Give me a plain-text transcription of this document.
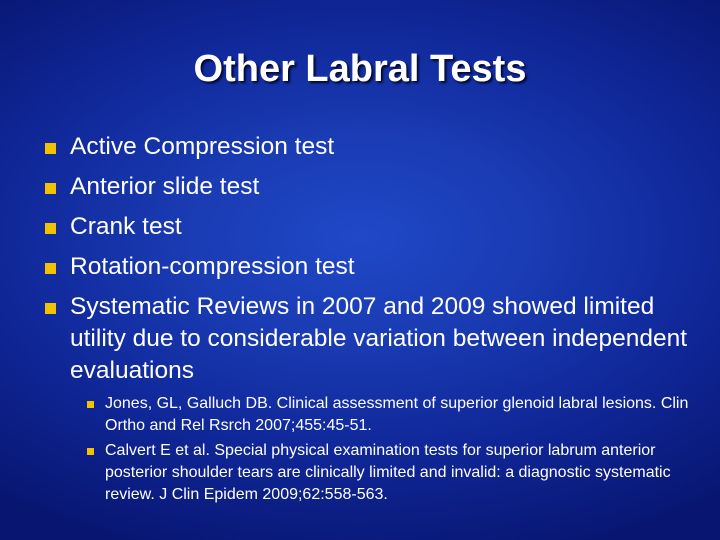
Other Labral Tests
Active Compression test
Anterior slide test
Crank test
Rotation-compression test
Systematic Reviews in 2007 and 2009 showed limited utility due to considerable variation between independent evaluations
Jones, GL, Galluch DB. Clinical assessment of superior glenoid labral lesions. Clin Ortho and Rel Rsrch 2007;455:45-51.
Calvert E et al. Special physical examination tests for superior labrum anterior posterior shoulder tears are clinically limited and invalid: a diagnostic systematic review. J Clin Epidem 2009;62:558-563.
